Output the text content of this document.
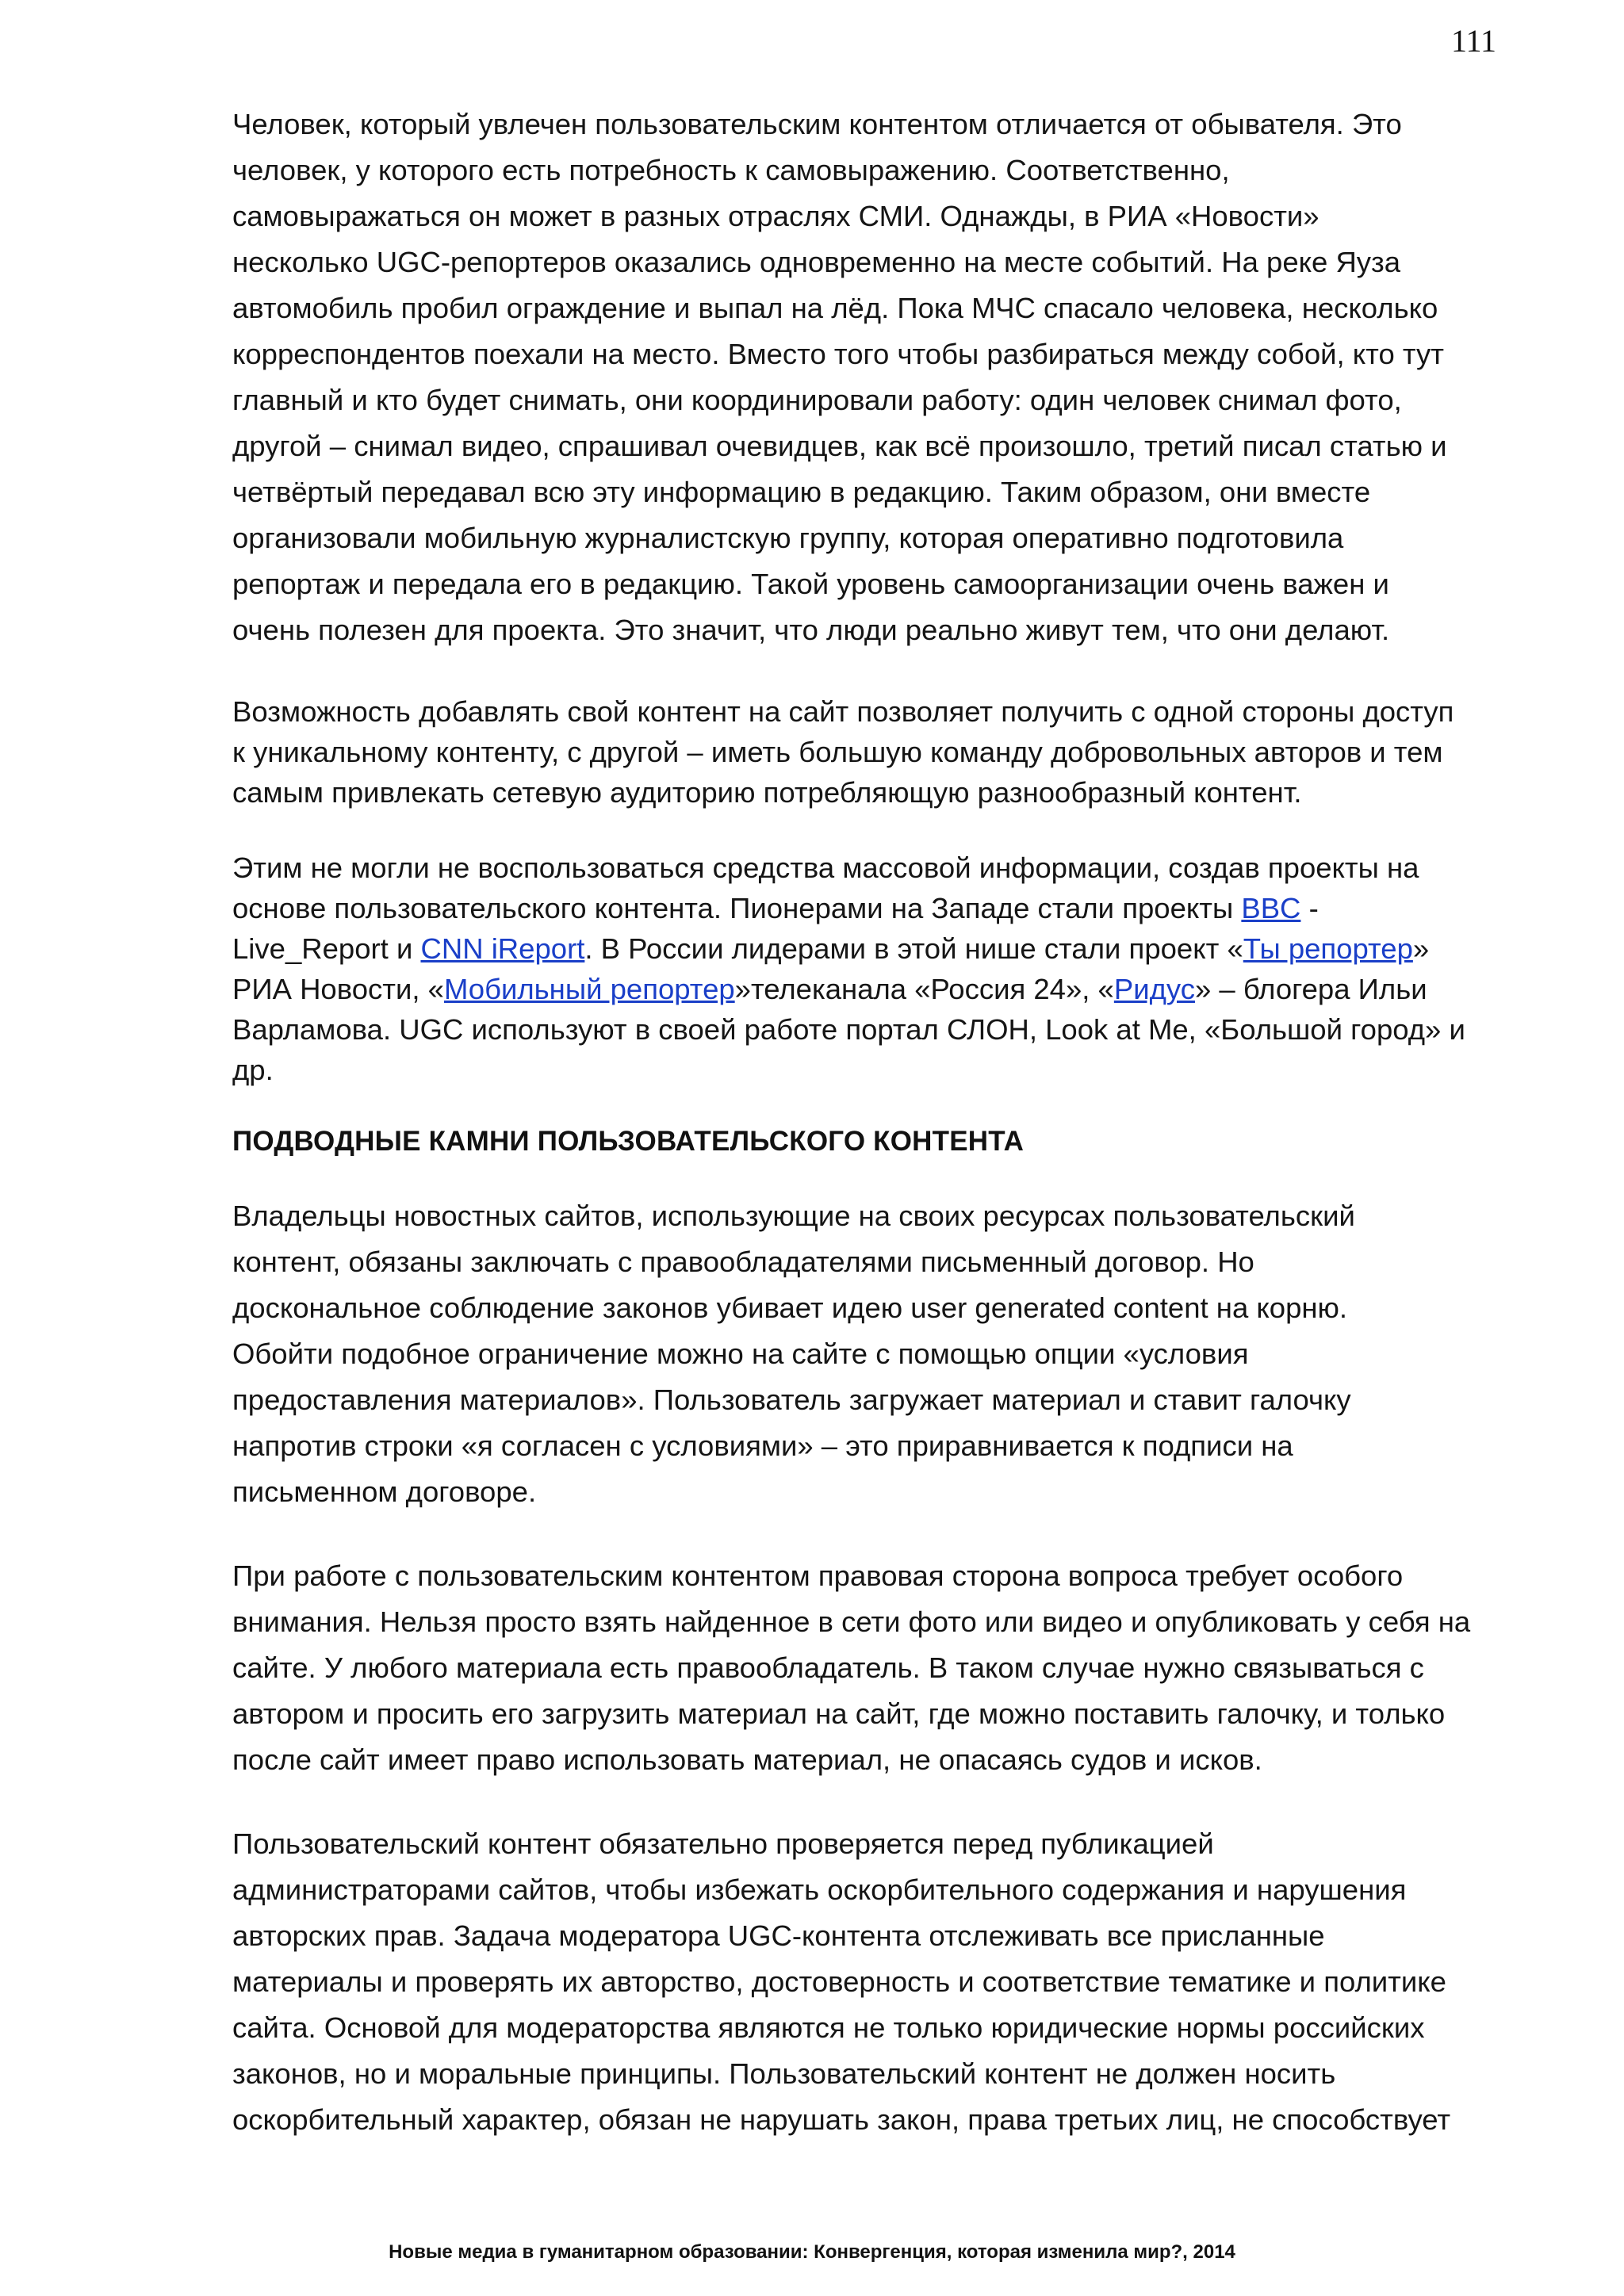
111

Человек, который увлечен пользовательским контентом отличается от обывателя. Это

человек, у которого есть потребность к самовыражению. Соответственно,

самовыражаться он может в разных отраслях СМИ. Однажды, в РИА «Новости»

несколько UGC-репортеров оказались одновременно на месте событий. На реке Яуза

автомобиль пробил ограждение и выпал на лёд. Пока МЧС спасало человека, несколько

корреспондентов поехали на место. Вместо того чтобы разбираться между собой, кто тут

главный и кто будет снимать, они координировали работу: один человек снимал фото,

другой – снимал видео, спрашивал очевидцев, как всё произошло, третий писал статью и

четвёртый передавал всю эту информацию в редакцию. Таким образом, они вместе

организовали мобильную журналистскую группу, которая оперативно подготовила

репортаж и передала его в редакцию. Такой уровень самоорганизации очень важен и

очень полезен для проекта. Это значит, что люди реально живут тем, что они делают.

Возможность добавлять свой контент на сайт позволяет получить с одной стороны доступ

к уникальному контенту, с другой – иметь большую команду добровольных авторов и тем

самым привлекать сетевую аудиторию потребляющую разнообразный контент.

Этим не могли не воспользоваться средства массовой информации, создав проекты на

основе пользовательского контента. Пионерами на Западе стали проекты BBC -

Live_Report и CNN iReport. В России лидерами в этой нише стали проект «Ты репортер»

РИА Новости, «Мобильный репортер»телеканала «Россия 24», «Ридус» – блогера Ильи

Варламова. UGC используют в своей работе портал СЛОН, Look at Me, «Большой город» и

др.

ПОДВОДНЫЕ КАМНИ ПОЛЬЗОВАТЕЛЬСКОГО КОНТЕНТА

Владельцы новостных сайтов, использующие на своих ресурсах пользовательский

контент, обязаны заключать с правообладателями письменный договор. Но

доскональное соблюдение законов убивает идею user generated content на корню.

Обойти подобное ограничение можно на сайте с помощью опции «условия

предоставления материалов». Пользователь загружает материал и ставит галочку

напротив строки «я согласен с условиями» – это приравнивается к подписи на

письменном договоре.

При работе с пользовательским контентом правовая сторона вопроса требует особого

внимания. Нельзя просто взять найденное в сети фото или видео и опубликовать у себя на

сайте. У любого материала есть правообладатель. В таком случае нужно связываться с

автором и просить его загрузить материал на сайт, где можно поставить галочку, и только

после сайт имеет право использовать материал, не опасаясь судов и исков.

Пользовательский контент обязательно проверяется перед публикацией

администраторами сайтов, чтобы избежать оскорбительного содержания и нарушения

авторских прав. Задача модератора UGC-контента отслеживать все присланные

материалы и проверять их авторство, достоверность и соответствие тематике и политике

сайта. Основой для модераторства являются не только юридические нормы российских

законов, но и моральные принципы. Пользовательский контент не должен носить

оскорбительный характер, обязан не нарушать закон, права третьих лиц, не способствует

Новые медиа в гуманитарном образовании: Конвергенция, которая изменила мир?, 2014
